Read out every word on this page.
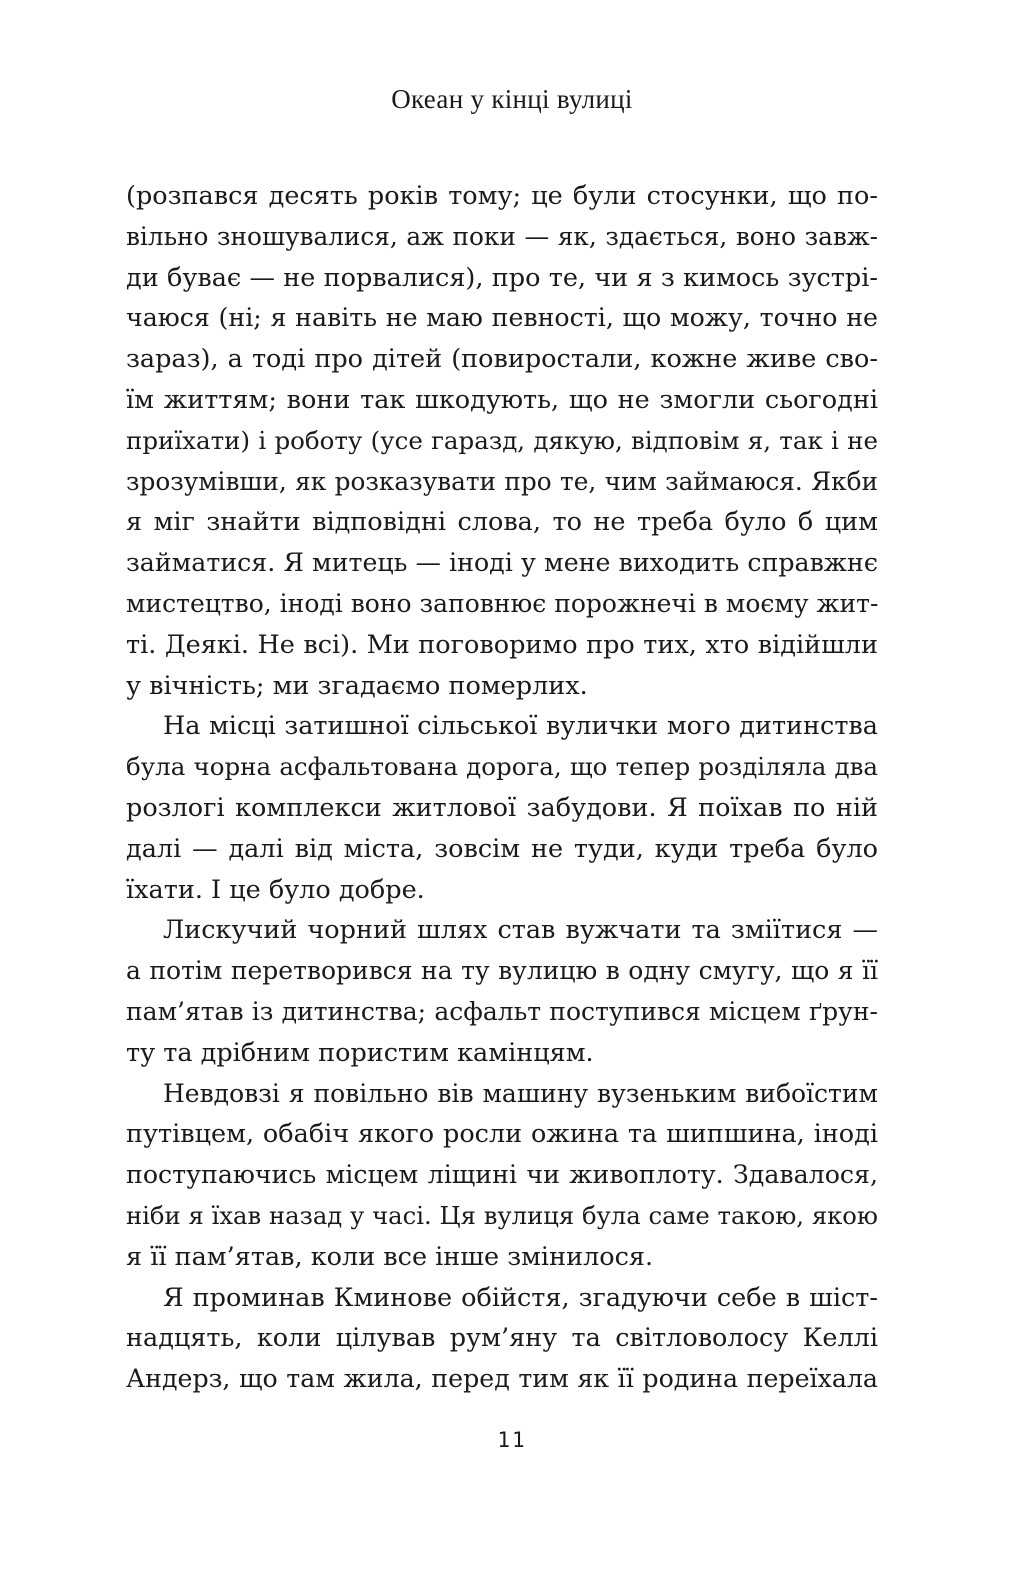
Океан у кінці вулиці
(розпався десять років тому; це були стосунки, що по-
вільно зношувалися, аж поки — як, здається, воно завж-
ди буває — не порвалися), про те, чи я з кимось зустрі-
чаюся (ні; я навіть не маю певності, що можу, точно не
зараз), а тоді про дітей (повиростали, кожне живе сво-
їм життям; вони так шкодують, що не змогли сьогодні
приїхати) і роботу (усе гаразд, дякую, відповім я, так і не
зрозумівши, як розказувати про те, чим займаюся. Якби
я міг знайти відповідні слова, то не треба було б цим
займатися. Я митець — іноді у мене виходить справжнє
мистецтво, іноді воно заповнює порожнечі в моєму жит-
ті. Деякі. Не всі). Ми поговоримо про тих, хто відійшли
у вічність; ми згадаємо померлих.
На місці затишної сільської вулички мого дитинства
була чорна асфальтована дорога, що тепер розділяла два
розлогі комплекси житлової забудови. Я поїхав по ній
далі — далі від міста, зовсім не туди, куди треба було
їхати. І це було добре.
Лискучий чорний шлях став вужчати та зміїтися —
а потім перетворився на ту вулицю в одну смугу, що я її
пам’ятав із дитинства; асфальт поступився місцем ґрун-
ту та дрібним пористим камінцям.
Невдовзі я повільно вів машину вузеньким вибоїстим
путівцем, обабіч якого росли ожина та шипшина, іноді
поступаючись місцем ліщині чи живоплоту. Здавалося,
ніби я їхав назад у часі. Ця вулиця була саме такою, якою
я її пам’ятав, коли все інше змінилося.
Я проминав Кминове обійстя, згадуючи себе в шіст-
надцять, коли цілував рум’яну та світловолосу Келлі
Андерз, що там жила, перед тим як її родина переїхала
11
